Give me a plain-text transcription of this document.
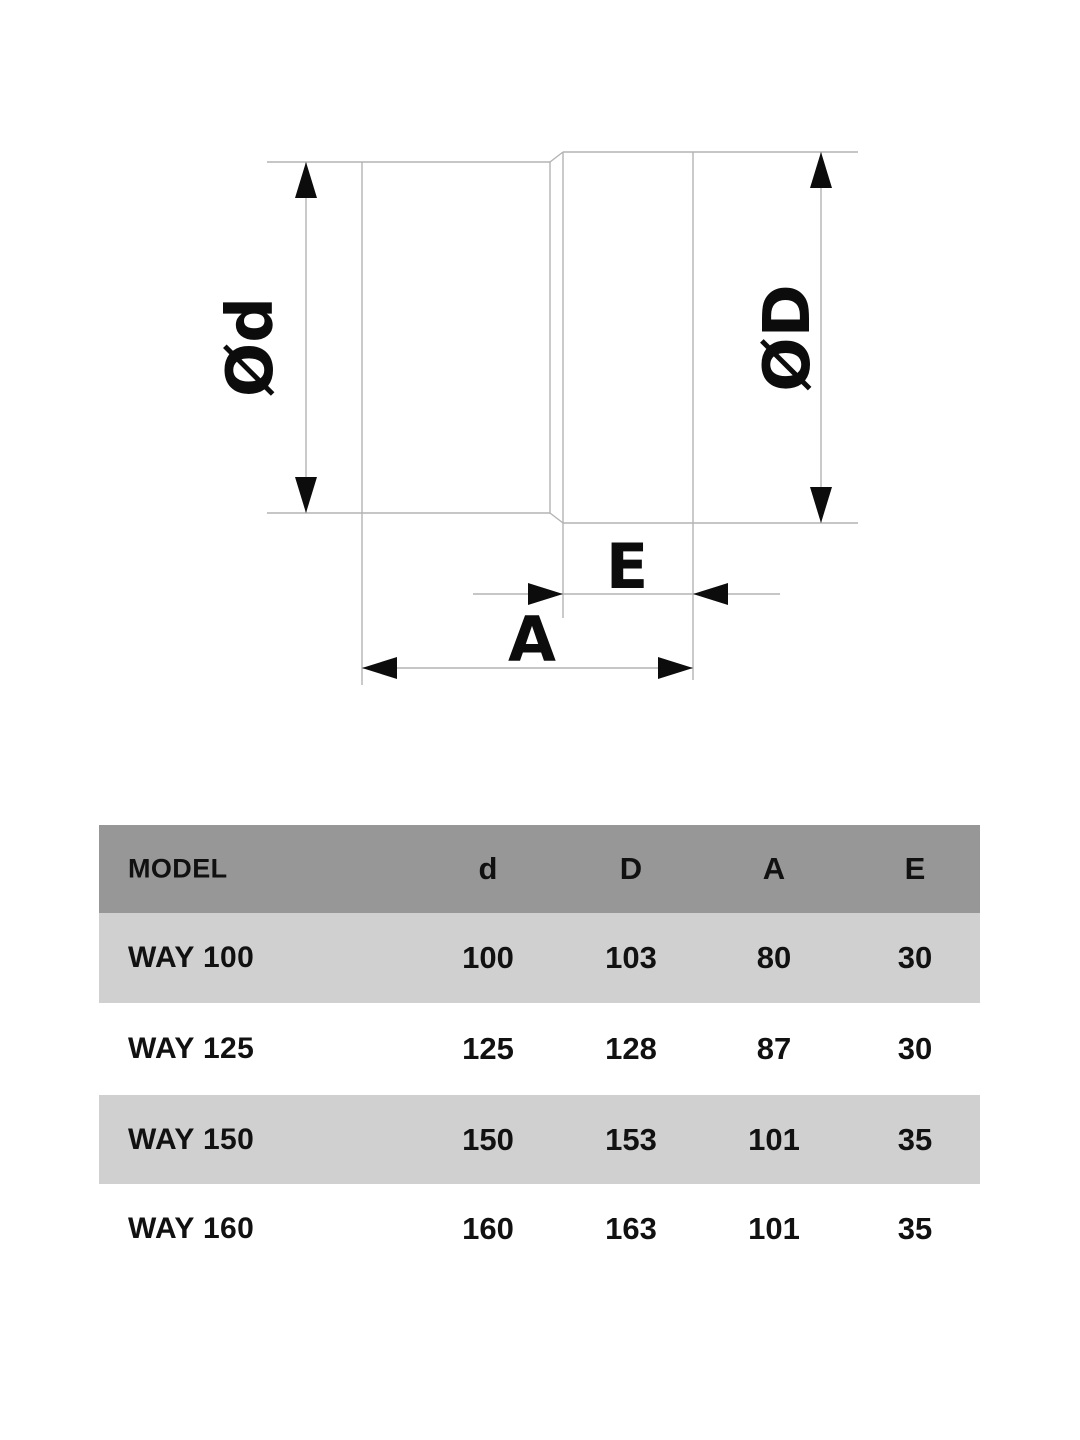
Ød	ØD
E
A
MODEL	d	D	A	E
WAY 100	100	103	80	30
WAY 125	125	128	87	30
WAY 150	150	153	101	35
WAY 160	160	163	101	35
